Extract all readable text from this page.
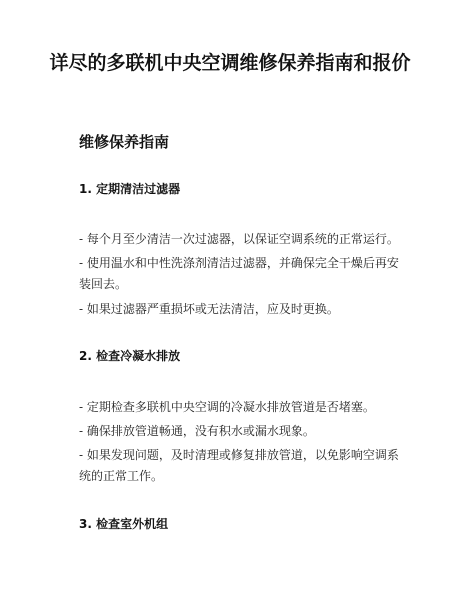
详尽的多联机中央空调维修保养指南和报价
维修保养指南
1. 定期清洁过滤器

- 每个月至少清洁一次过滤器，以保证空调系统的正常运行。

- 使用温水和中性洗涤剂清洁过滤器，并确保完全干燥后再安装回去。

- 如果过滤器严重损坏或无法清洁，应及时更换。

2. 检查冷凝水排放

- 定期检查多联机中央空调的冷凝水排放管道是否堵塞。

- 确保排放管道畅通，没有积水或漏水现象。

- 如果发现问题，及时清理或修复排放管道，以免影响空调系统的正常工作。

3. 检查室外机组
